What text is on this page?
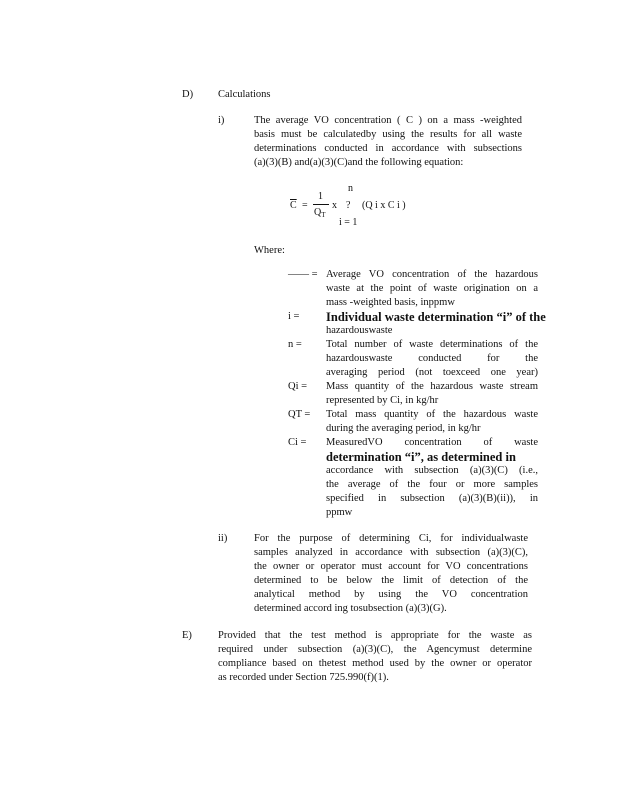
D) Calculations
i)	The average VO concentration ( C ) on a mass -weighted
basis must be calculatedby using the results for all waste
determinations conducted in accordance with subsections
(a)(3)(B) and(a)(3)(C)and the following equation:
n
$\overline{C}$ =
1
$Q_T$
x ? (Q i x C i )
i = 1
Where:
—— = Average VO concentration of the hazardous
waste at the point of waste origination on a
mass -weighted basis, inppmw
i =	Individual waste determination “i” of the
hazardouswaste
n =	Total number of waste determinations of the
hazardouswaste conducted for the
averaging period (not toexceed one year)
Qi =	Mass quantity of the hazardous waste stream
represented by Ci, in kg/hr
QT =	Total mass quantity of the hazardous waste
during the averaging period, in kg/hr
Ci =	MeasuredVO concentration of waste
determination “i”, as determined in
accordance with subsection (a)(3)(C) (i.e.,
the average of the four or more samples
specified in subsection (a)(3)(B)(ii)), in
ppmw
ii)	For the purpose of determining Ci, for individualwaste
samples analyzed in accordance with subsection (a)(3)(C),
the owner or operator must account for VO concentrations
determined to be below the limit of detection of the
analytical method by using the VO concentration
determined accord ing tosubsection (a)(3)(G).
E) Provided that the test method is appropriate for the waste as
required under subsection (a)(3)(C), the Agencymust determine
compliance based on thetest method used by the owner or operator
as recorded under Section 725.990(f)(1).
